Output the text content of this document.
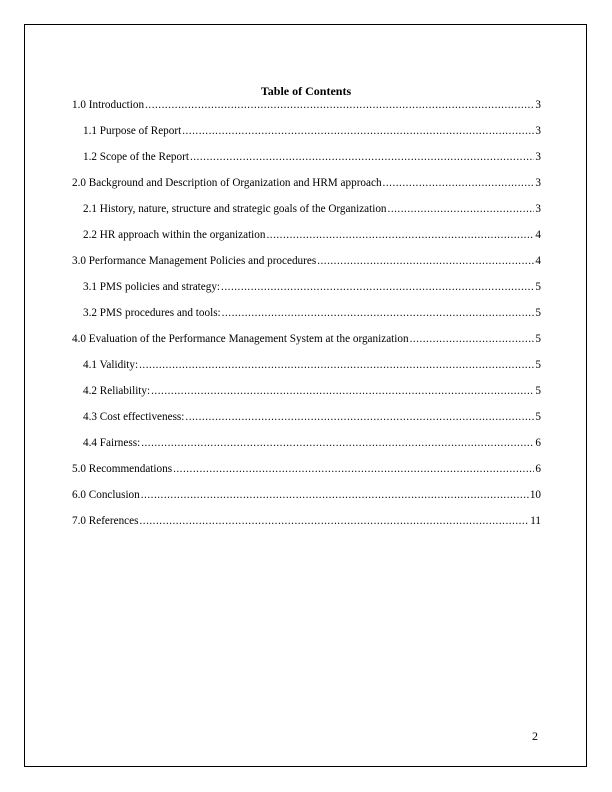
Table of Contents
1.0 Introduction .....	3
1.1 Purpose of Report .....	3
1.2 Scope of the Report .....	3
2.0 Background and Description of Organization and HRM approach .....	3
2.1 History, nature, structure and strategic goals of the Organization .....	3
2.2 HR approach within the organization .....	4
3.0 Performance Management Policies and procedures .....	4
3.1 PMS policies and strategy: .....	5
3.2 PMS procedures and tools: .....	5
4.0 Evaluation of the Performance Management System at the organization .....	5
4.1 Validity: .....	5
4.2 Reliability: .....	5
4.3 Cost effectiveness: .....	5
4.4 Fairness: .....	6
5.0 Recommendations .....	6
6.0 Conclusion .....	10
7.0 References .....	11
2
